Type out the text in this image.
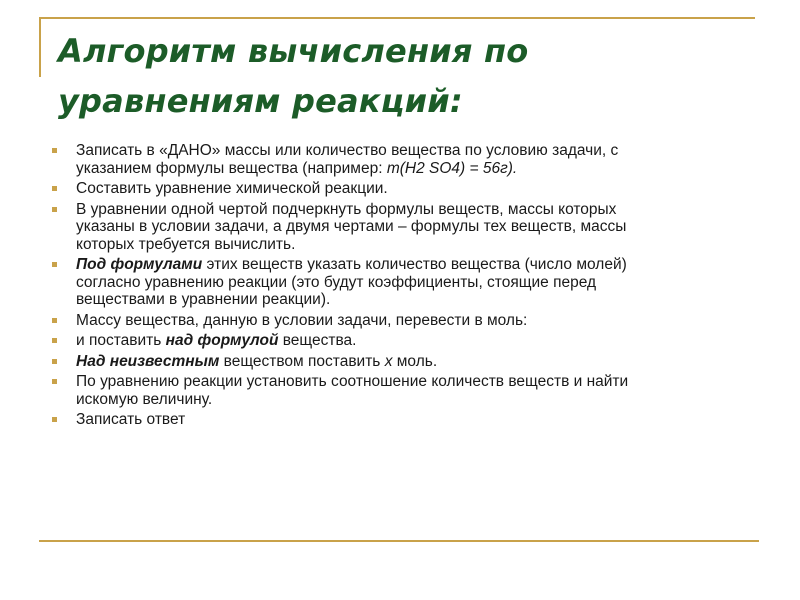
Алгоритм вычисления по
уравнениям реакций:
Записать в «ДАНО» массы или количество вещества по условию задачи, с
указанием формулы вещества (например: m(H2 SO4) = 56г).
Составить уравнение химической реакции.
В уравнении одной чертой подчеркнуть формулы веществ, массы которых
указаны в условии задачи, а двумя чертами – формулы тех веществ, массы
которых требуется вычислить.
Под формулами этих веществ указать количество вещества (число молей)
согласно уравнению реакции (это будут коэффициенты, стоящие перед
веществами в уравнении реакции).
Массу вещества, данную в условии задачи, перевести в моль:
и поставить над формулой вещества.
Над неизвестным веществом поставить х моль.
По уравнению реакции установить соотношение количеств веществ и найти
искомую величину.
Записать ответ
